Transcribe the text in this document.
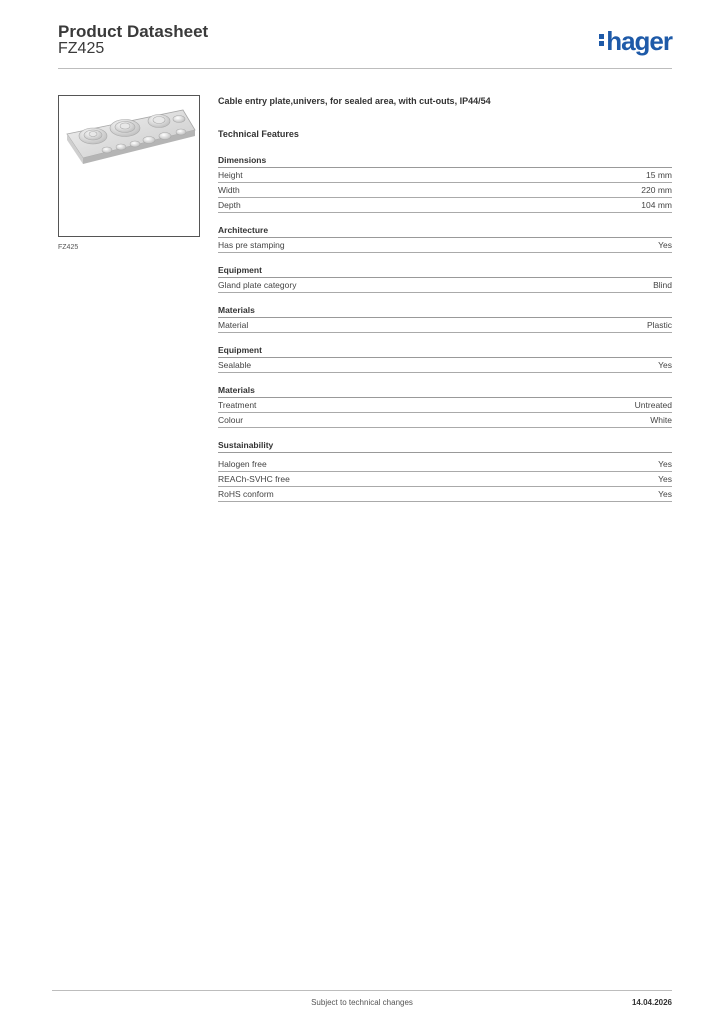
Product Datasheet
FZ425	hager
FZ425
Cable entry plate,univers, for sealed area, with cut-outs, IP44/54
Technical Features
Dimensions
Height	15 mm
Width	220 mm
Depth	104 mm
Architecture
Has pre stamping	Yes
Equipment
Gland plate category	Blind
Materials
Material	Plastic
Equipment
Sealable	Yes
Materials
Treatment	Untreated
Colour	White
Sustainability
Halogen free	Yes
REACh-SVHC free	Yes
RoHS conform	Yes
Subject to technical changes	14.04.2026
